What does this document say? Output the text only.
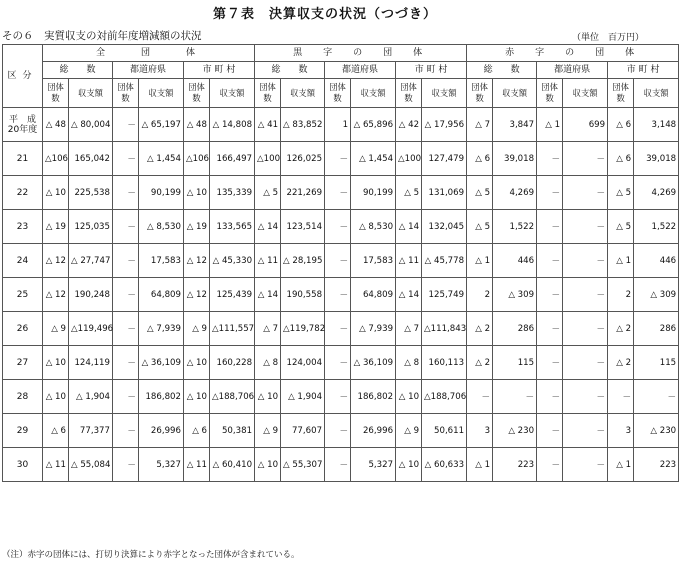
第７表　決算収支の状況（つづき）
その６　実質収支の対前年度増減額の状況	（単位　百万円）
区分	全　　団　　体						黒　字　の　団　体						赤　字　の　団　体					
	総　　数		都道府県		市 町 村		総　　数		都道府県		市 町 村		総　　数		都道府県		市 町 村	
	団体数	収支額	団体数	収支額	団体数	収支額	団体数	収支額	団体数	収支額	団体数	収支額	団体数	収支額	団体数	収支額	団体数	収支額
平　成
20年度	△ 48	△ 80,004	－	△ 65,197	△ 48	△ 14,808	△ 41	△ 83,852	1	△ 65,896	△ 42	△ 17,956	△ 7	3,847	△ 1	699	△ 6	3,148
21	△106	165,042	－	△ 1,454	△106	166,497	△100	126,025	－	△ 1,454	△100	127,479	△ 6	39,018	－	－	△ 6	39,018
22	△ 10	225,538	－	90,199	△ 10	135,339	△ 5	221,269	－	90,199	△ 5	131,069	△ 5	4,269	－	－	△ 5	4,269
23	△ 19	125,035	－	△ 8,530	△ 19	133,565	△ 14	123,514	－	△ 8,530	△ 14	132,045	△ 5	1,522	－	－	△ 5	1,522
24	△ 12	△ 27,747	－	17,583	△ 12	△ 45,330	△ 11	△ 28,195	－	17,583	△ 11	△ 45,778	△ 1	446	－	－	△ 1	446
25	△ 12	190,248	－	64,809	△ 12	125,439	△ 14	190,558	－	64,809	△ 14	125,749	2	△ 309	－	－	2	△ 309
26	△ 9	△119,496	－	△ 7,939	△ 9	△111,557	△ 7	△119,782	－	△ 7,939	△ 7	△111,843	△ 2	286	－	－	△ 2	286
27	△ 10	124,119	－	△ 36,109	△ 10	160,228	△ 8	124,004	－	△ 36,109	△ 8	160,113	△ 2	115	－	－	△ 2	115
28	△ 10	△ 1,904	－	186,802	△ 10	△188,706	△ 10	△ 1,904	－	186,802	△ 10	△188,706	－	－	－	－	－	－
29	△ 6	77,377	－	26,996	△ 6	50,381	△ 9	77,607	－	26,996	△ 9	50,611	3	△ 230	－	－	3	△ 230
30	△ 11	△ 55,084	－	5,327	△ 11	△ 60,410	△ 10	△ 55,307	－	5,327	△ 10	△ 60,633	△ 1	223	－	－	△ 1	223
（注）赤字の団体には、打切り決算により赤字となった団体が含まれている。
